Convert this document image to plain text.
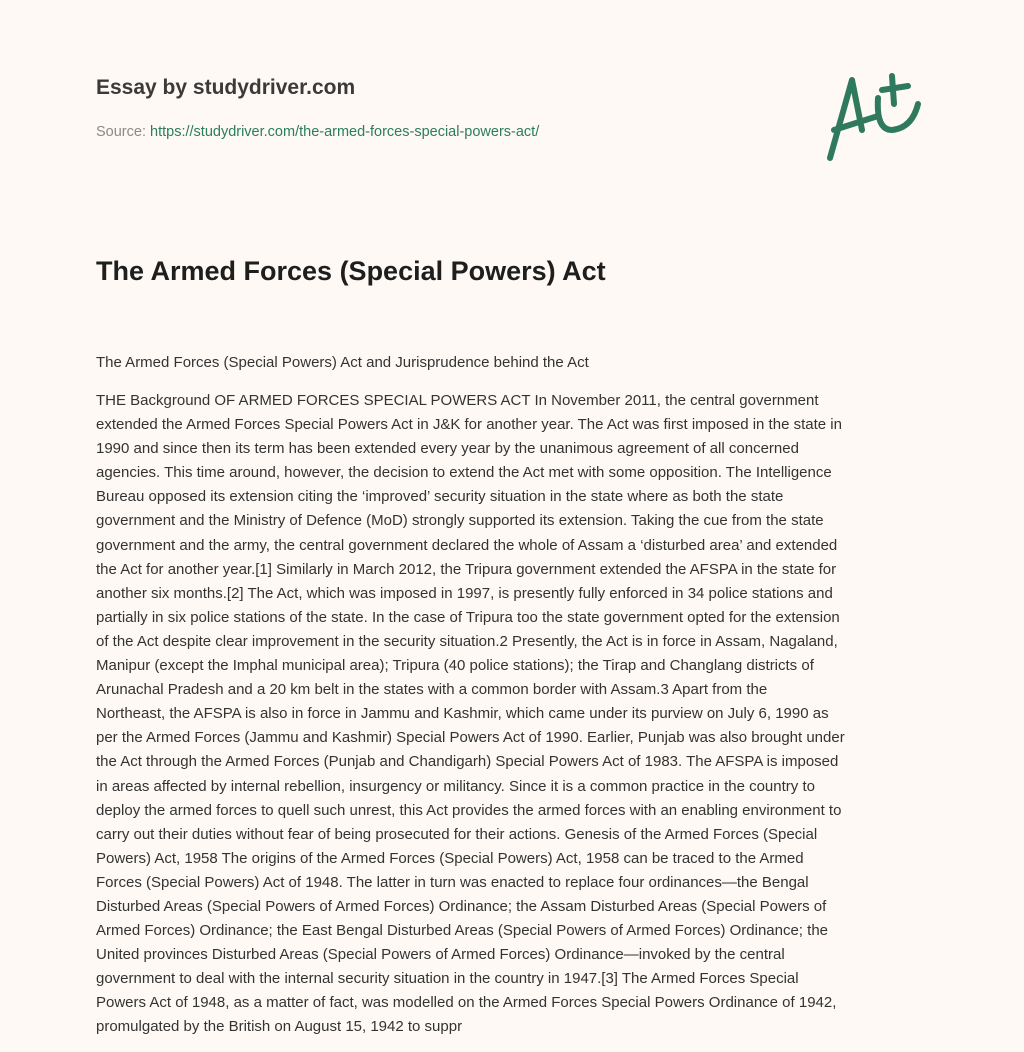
Essay by studydriver.com
Source: https://studydriver.com/the-armed-forces-special-powers-act/
The Armed Forces (Special Powers) Act
The Armed Forces (Special Powers) Act and Jurisprudence behind the Act
THE Background OF ARMED FORCES SPECIAL POWERS ACT In November 2011, the central government
extended the Armed Forces Special Powers Act in J&K for another year. The Act was first imposed in the state in
1990 and since then its term has been extended every year by the unanimous agreement of all concerned
agencies. This time around, however, the decision to extend the Act met with some opposition. The Intelligence
Bureau opposed its extension citing the ‘improved’ security situation in the state where as both the state
government and the Ministry of Defence (MoD) strongly supported its extension. Taking the cue from the state
government and the army, the central government declared the whole of Assam a ‘disturbed area’ and extended
the Act for another year.[1] Similarly in March 2012, the Tripura government extended the AFSPA in the state for
another six months.[2] The Act, which was imposed in 1997, is presently fully enforced in 34 police stations and
partially in six police stations of the state. In the case of Tripura too the state government opted for the extension
of the Act despite clear improvement in the security situation.2 Presently, the Act is in force in Assam, Nagaland,
Manipur (except the Imphal municipal area); Tripura (40 police stations); the Tirap and Changlang districts of
Arunachal Pradesh and a 20 km belt in the states with a common border with Assam.3 Apart from the
Northeast, the AFSPA is also in force in Jammu and Kashmir, which came under its purview on July 6, 1990 as
per the Armed Forces (Jammu and Kashmir) Special Powers Act of 1990. Earlier, Punjab was also brought under
the Act through the Armed Forces (Punjab and Chandigarh) Special Powers Act of 1983. The AFSPA is imposed
in areas affected by internal rebellion, insurgency or militancy. Since it is a common practice in the country to
deploy the armed forces to quell such unrest, this Act provides the armed forces with an enabling environment to
carry out their duties without fear of being prosecuted for their actions. Genesis of the Armed Forces (Special
Powers) Act, 1958 The origins of the Armed Forces (Special Powers) Act, 1958 can be traced to the Armed
Forces (Special Powers) Act of 1948. The latter in turn was enacted to replace four ordinances—the Bengal
Disturbed Areas (Special Powers of Armed Forces) Ordinance; the Assam Disturbed Areas (Special Powers of
Armed Forces) Ordinance; the East Bengal Disturbed Areas (Special Powers of Armed Forces) Ordinance; the
United provinces Disturbed Areas (Special Powers of Armed Forces) Ordinance—invoked by the central
government to deal with the internal security situation in the country in 1947.[3] The Armed Forces Special
Powers Act of 1948, as a matter of fact, was modelled on the Armed Forces Special Powers Ordinance of 1942,
promulgated by the British on August 15, 1942 to suppr
